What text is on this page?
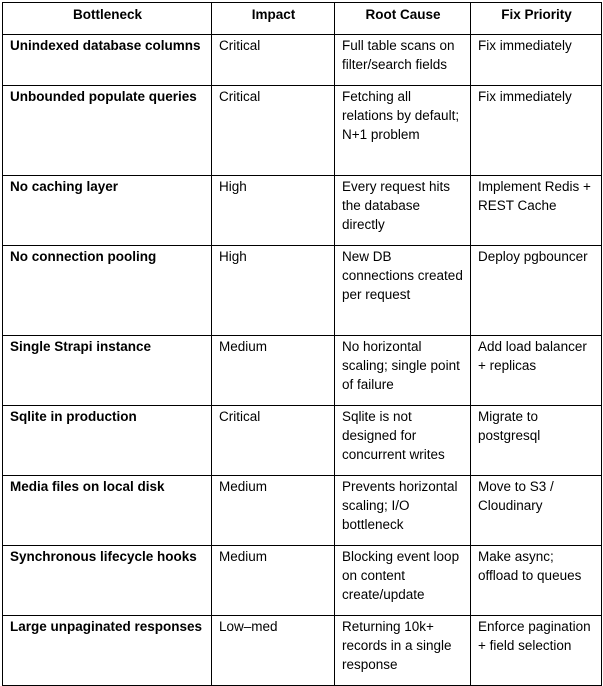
Bottleneck	Impact	Root Cause	Fix Priority
Unindexed database columns	Critical	Full table scans on filter/search fields	Fix immediately
Unbounded populate queries	Critical	Fetching all relations by default; N+1 problem	Fix immediately
No caching layer	High	Every request hits the database directly	Implement Redis + REST Cache
No connection pooling	High	New DB connections created per request	Deploy pgbouncer
Single Strapi instance	Medium	No horizontal scaling; single point of failure	Add load balancer + replicas
Sqlite in production	Critical	Sqlite is not designed for concurrent writes	Migrate to postgresql
Media files on local disk	Medium	Prevents horizontal scaling; I/O bottleneck	Move to S3 / Cloudinary
Synchronous lifecycle hooks	Medium	Blocking event loop on content create/update	Make async; offload to queues
Large unpaginated responses	Low–med	Returning 10k+ records in a single response	Enforce pagination + field selection
